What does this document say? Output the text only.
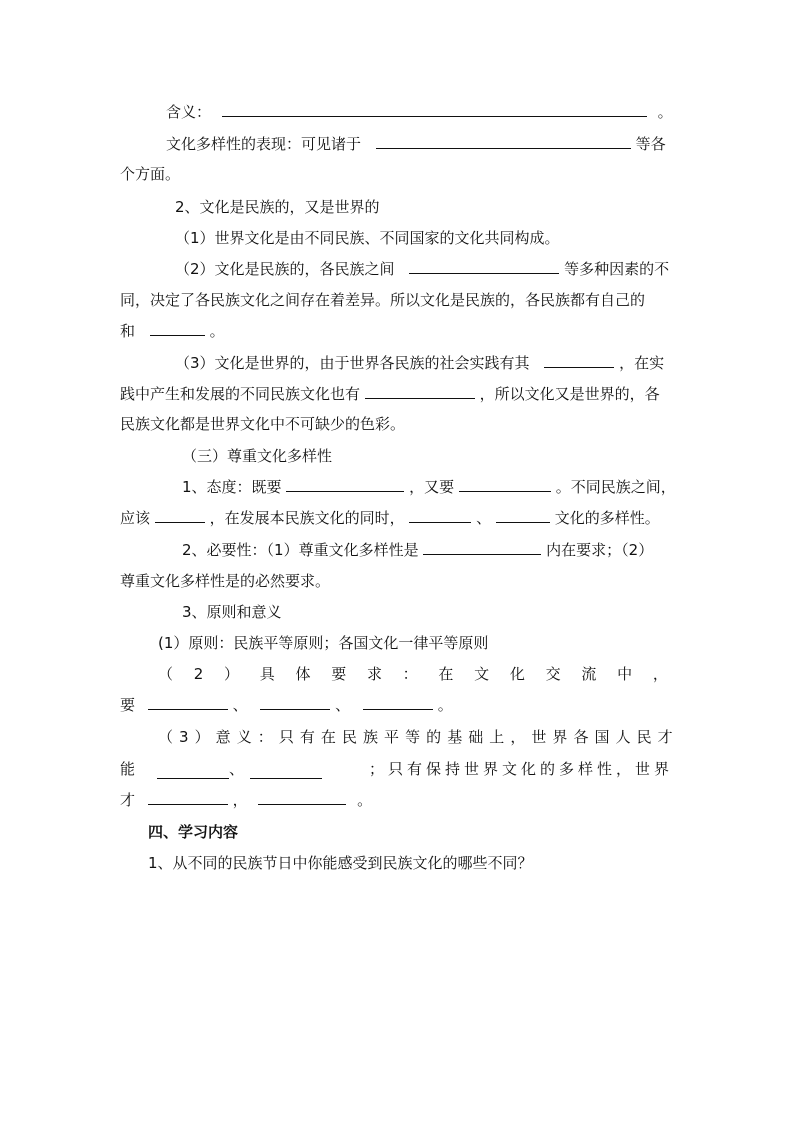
含义：	。
文化多样性的表现：可见诸于	等各
个方面。
2、文化是民族的，又是世界的
（1）世界文化是由不同民族、不同国家的文化共同构成。
（2）文化是民族的，各民族之间	等多种因素的不
同，决定了各民族文化之间存在着差异。所以文化是民族的，各民族都有自己的
和	。
（3）文化是世界的，由于世界各民族的社会实践有其	，在实
践中产生和发展的不同民族文化也有	，所以文化又是世界的，各
民族文化都是世界文化中不可缺少的色彩。
（三）尊重文化多样性
1、态度：既要	，又要	。不同民族之间，
应该	，在发展本民族文化的同时，	、	文化的多样性。
2、必要性：（1）尊重文化多样性是	内在要求；（2）
尊重文化多样性是的必然要求。
3、原则和意义
(1）原则：民族平等原则；各国文化一律平等原则
（ 2 ） 具 体 要 求 ： 在 文 化 交 流 中 ，
要	、	、	。
（ 3 ） 意 义 ： 只 有 在 民 族 平 等 的 基 础 上 ， 世 界 各 国 人 民 才
能	、	；只有保持世界文化的多样性，世界
才	，	。
四、学习内容
1、从不同的民族节日中你能感受到民族文化的哪些不同？
